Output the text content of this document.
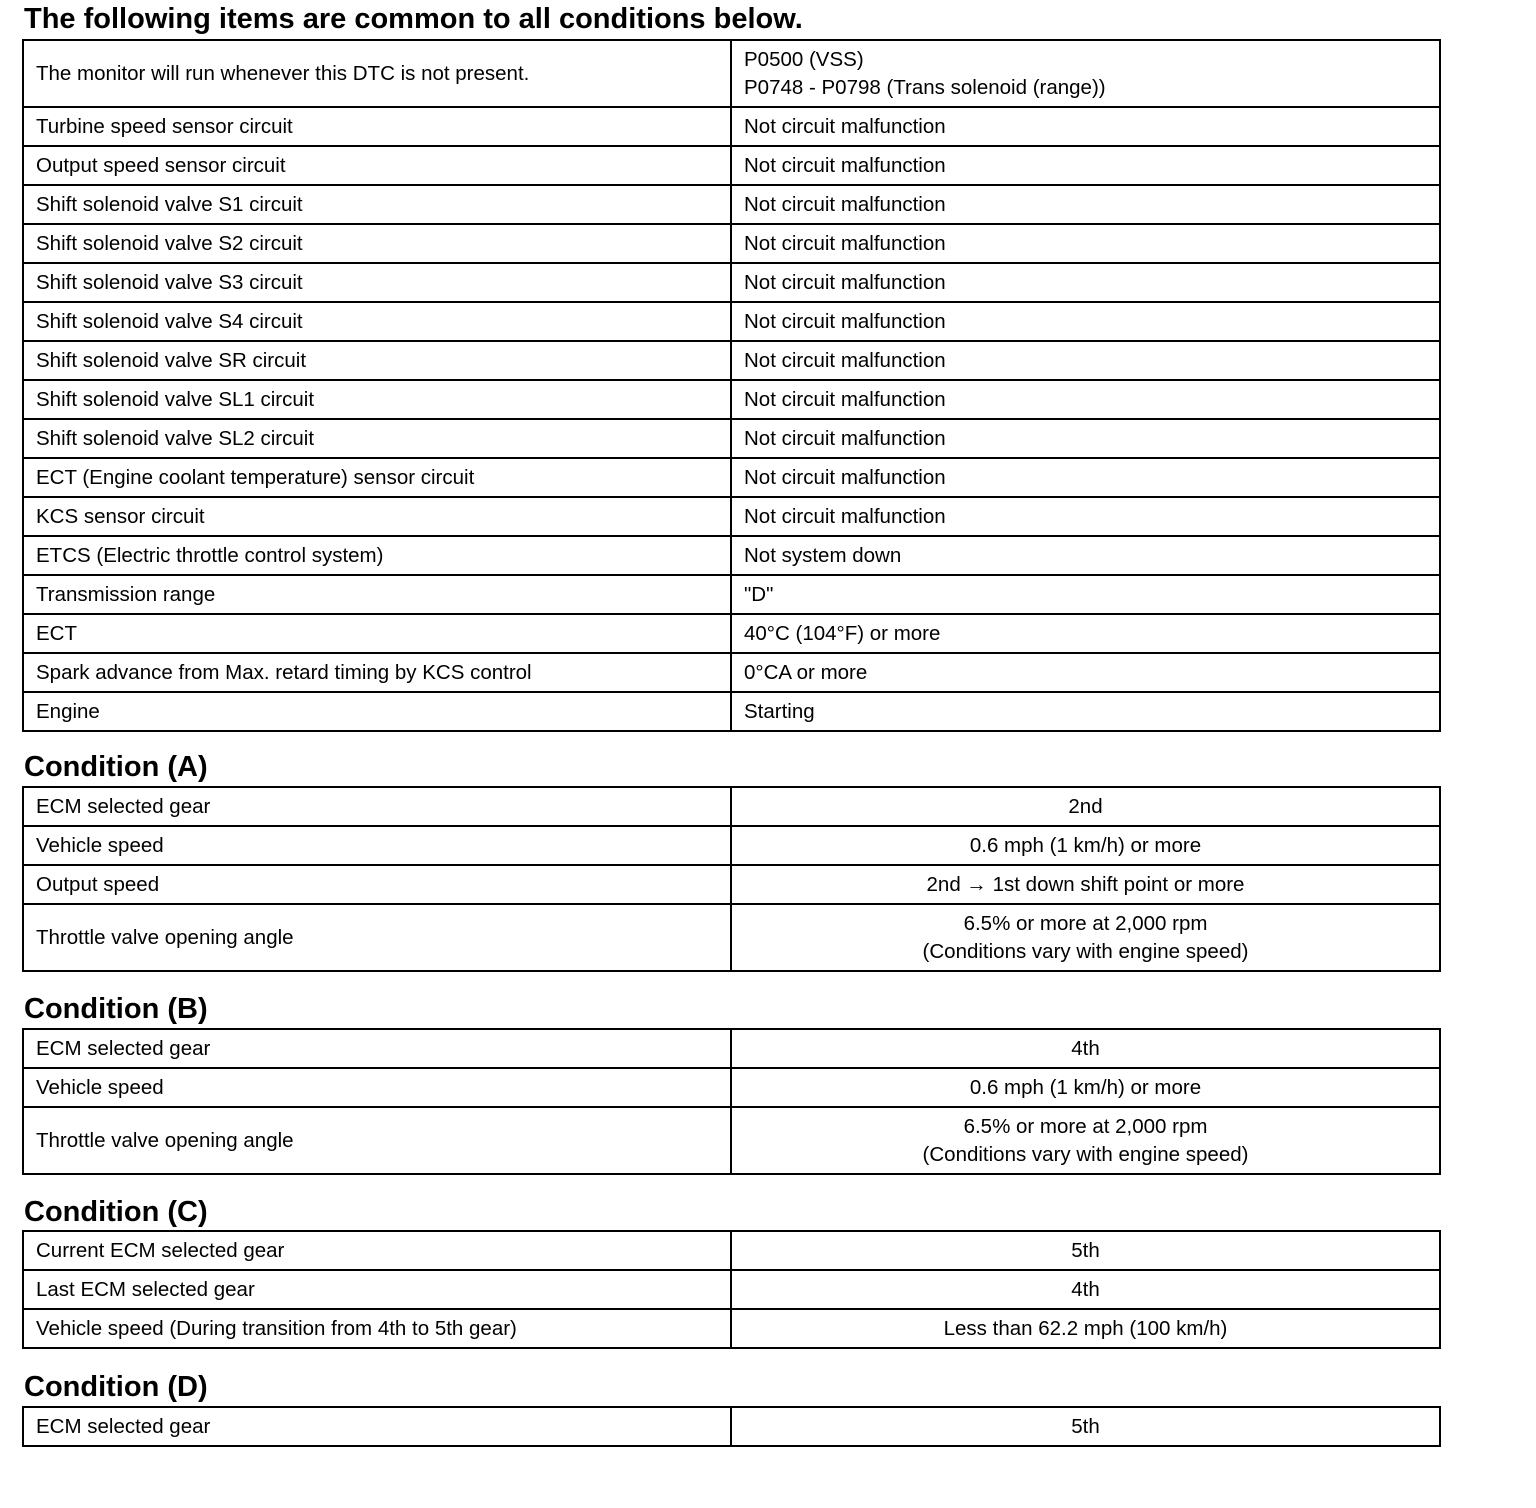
The following items are common to all conditions below.
The monitor will run whenever this DTC is not present.	P0500 (VSS)
P0748 - P0798 (Trans solenoid (range))

Turbine speed sensor circuit	Not circuit malfunction
Output speed sensor circuit	Not circuit malfunction
Shift solenoid valve S1 circuit	Not circuit malfunction
Shift solenoid valve S2 circuit	Not circuit malfunction
Shift solenoid valve S3 circuit	Not circuit malfunction
Shift solenoid valve S4 circuit	Not circuit malfunction
Shift solenoid valve SR circuit	Not circuit malfunction
Shift solenoid valve SL1 circuit	Not circuit malfunction
Shift solenoid valve SL2 circuit	Not circuit malfunction
ECT (Engine coolant temperature) sensor circuit	Not circuit malfunction
KCS sensor circuit	Not circuit malfunction
ETCS (Electric throttle control system)	Not system down
Transmission range	"D"
ECT	40°C (104°F) or more
Spark advance from Max. retard timing by KCS control	0°CA or more
Engine	Starting
Condition (A)
ECM selected gear	2nd
Vehicle speed	0.6 mph (1 km/h) or more
Output speed	2nd → 1st down shift point or more
Throttle valve opening angle	6.5% or more at 2,000 rpm
(Conditions vary with engine speed)
Condition (B)
ECM selected gear	4th
Vehicle speed	0.6 mph (1 km/h) or more
Throttle valve opening angle	6.5% or more at 2,000 rpm
(Conditions vary with engine speed)
Condition (C)
Current ECM selected gear	5th
Last ECM selected gear	4th
Vehicle speed (During transition from 4th to 5th gear)	Less than 62.2 mph (100 km/h)
Condition (D)
ECM selected gear	5th
